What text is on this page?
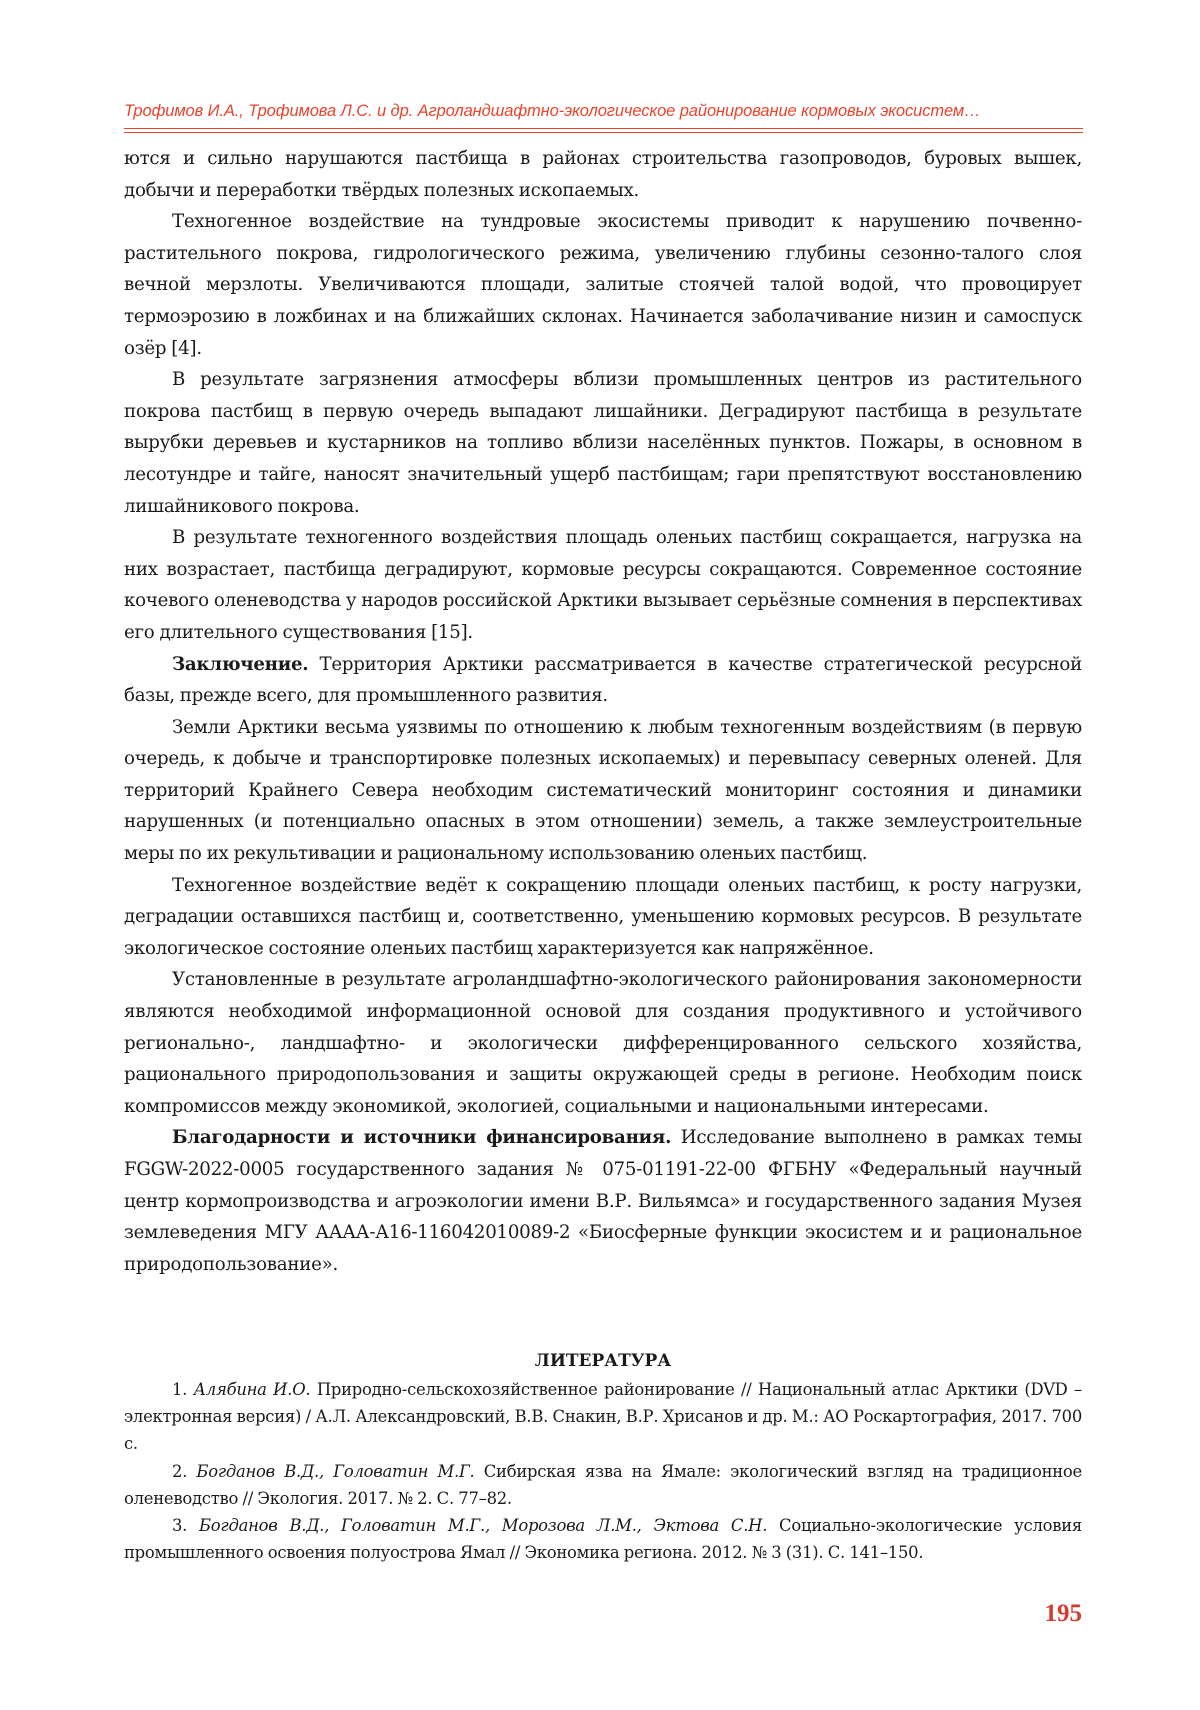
Трофимов И.А., Трофимова Л.С. и др. Агроландшафтно-экологическое районирование кормовых экосистем…

ются и сильно нарушаются пастбища в районах строительства газопроводов, буровых вышек, добычи и переработки твёрдых полезных ископаемых.

Техногенное воздействие на тундровые экосистемы приводит к нарушению почвенно-растительного покрова, гидрологического режима, увеличению глубины сезонно-талого слоя вечной мерзлоты. Увеличиваются площади, залитые стоячей талой водой, что провоцирует термоэрозию в ложбинах и на ближайших склонах. Начинается заболачивание низин и самоспуск озёр [4].

В результате загрязнения атмосферы вблизи промышленных центров из растительного покрова пастбищ в первую очередь выпадают лишайники. Деградируют пастбища в результате вырубки деревьев и кустарников на топливо вблизи населённых пунктов. Пожары, в основном в лесотундре и тайге, наносят значительный ущерб пастбищам; гари препятствуют восстановлению лишайникового покрова.

В результате техногенного воздействия площадь оленьих пастбищ сокращается, нагрузка на них возрастает, пастбища деградируют, кормовые ресурсы сокращаются. Современное состояние кочевого оленеводства у народов российской Арктики вызывает серьёзные сомнения в перспективах его длительного существования [15].

Заключение. Территория Арктики рассматривается в качестве стратегической ресурсной базы, прежде всего, для промышленного развития.

Земли Арктики весьма уязвимы по отношению к любым техногенным воздействиям (в первую очередь, к добыче и транспортировке полезных ископаемых) и перевыпасу северных оленей. Для территорий Крайнего Севера необходим систематический мониторинг состояния и динамики нарушенных (и потенциально опасных в этом отношении) земель, а также землеустроительные меры по их рекультивации и рациональному использованию оленьих пастбищ.

Техногенное воздействие ведёт к сокращению площади оленьих пастбищ, к росту нагрузки, деградации оставшихся пастбищ и, соответственно, уменьшению кормовых ресурсов. В результате экологическое состояние оленьих пастбищ характеризуется как напряжённое.

Установленные в результате агроландшафтно-экологического районирования закономерности являются необходимой информационной основой для создания продуктивного и устойчивого регионально-, ландшафтно- и экологически дифференцированного сельского хозяйства, рационального природопользования и защиты окружающей среды в регионе. Необходим поиск компромиссов между экономикой, экологией, социальными и национальными интересами.

Благодарности и источники финансирования. Исследование выполнено в рамках темы FGGW-2022-0005 государственного задания № 075-01191-22-00 ФГБНУ «Федеральный научный центр кормопроизводства и агроэкологии имени В.Р. Вильямса» и государственного задания Музея землеведения МГУ АААА-А16-116042010089-2 «Биосферные функции экосистем и и рациональное природопользование».

ЛИТЕРАТУРА

1. Алябина И.О. Природно-сельскохозяйственное районирование // Национальный атлас Арктики (DVD – электронная версия) / А.Л. Александровский, В.В. Снакин, В.Р. Хрисанов и др. М.: АО Роскартография, 2017. 700 с.

2. Богданов В.Д., Головатин М.Г. Сибирская язва на Ямале: экологический взгляд на традиционное оленеводство // Экология. 2017. № 2. С. 77–82.

3. Богданов В.Д., Головатин М.Г., Морозова Л.М., Эктова С.Н. Социально-экологические условия промышленного освоения полуострова Ямал // Экономика региона. 2012. № 3 (31). С. 141–150.

195
